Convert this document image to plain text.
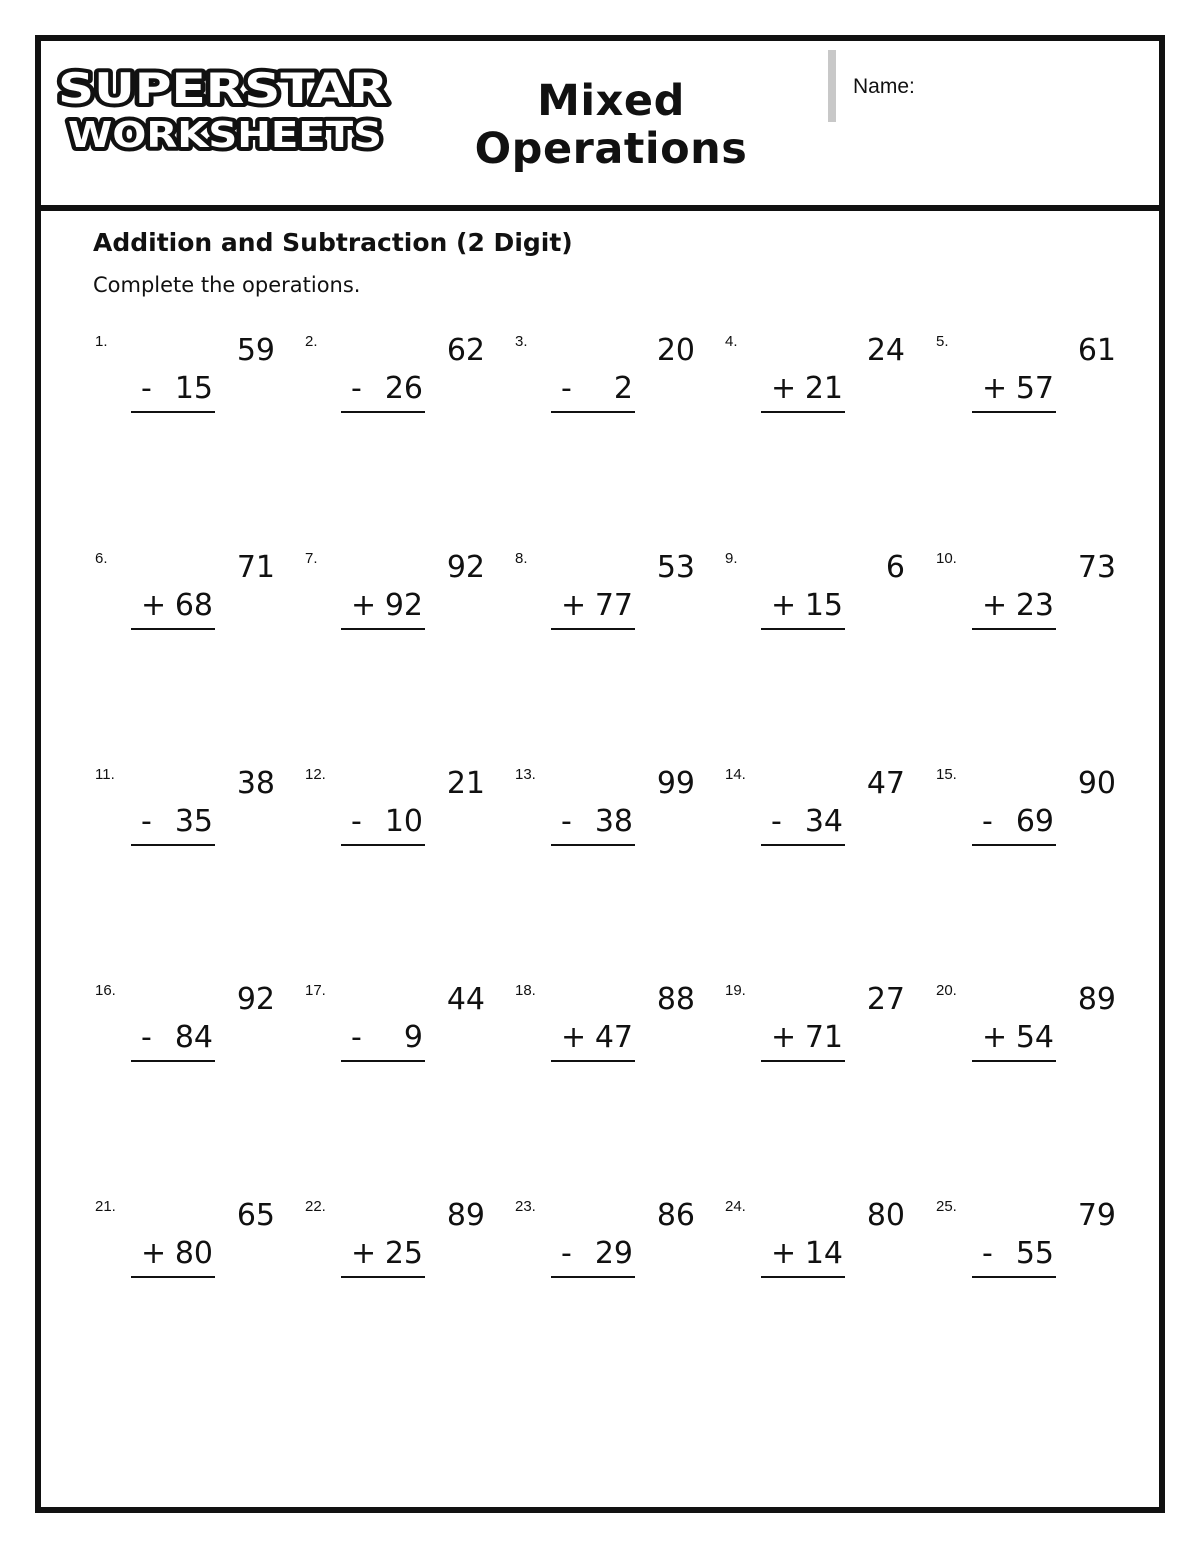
SUPERSTAR
WORKSHEETS
Mixed
Operations
Name:
Addition and Subtraction (2 Digit)
Complete the operations.
1.	59
- 15
2.	62
- 26
3.	20
- 2
4.	24
+ 21
5.	61
+ 57
6.	71
+ 68
7.	92
+ 92
8.	53
+ 77
9.	6
+ 15
10.	73
+ 23
11.	38
- 35
12.	21
- 10
13.	99
- 38
14.	47
- 34
15.	90
- 69
16.	92
- 84
17.	44
- 9
18.	88
+ 47
19.	27
+ 71
20.	89
+ 54
21.	65
+ 80
22.	89
+ 25
23.	86
- 29
24.	80
+ 14
25.	79
- 55
